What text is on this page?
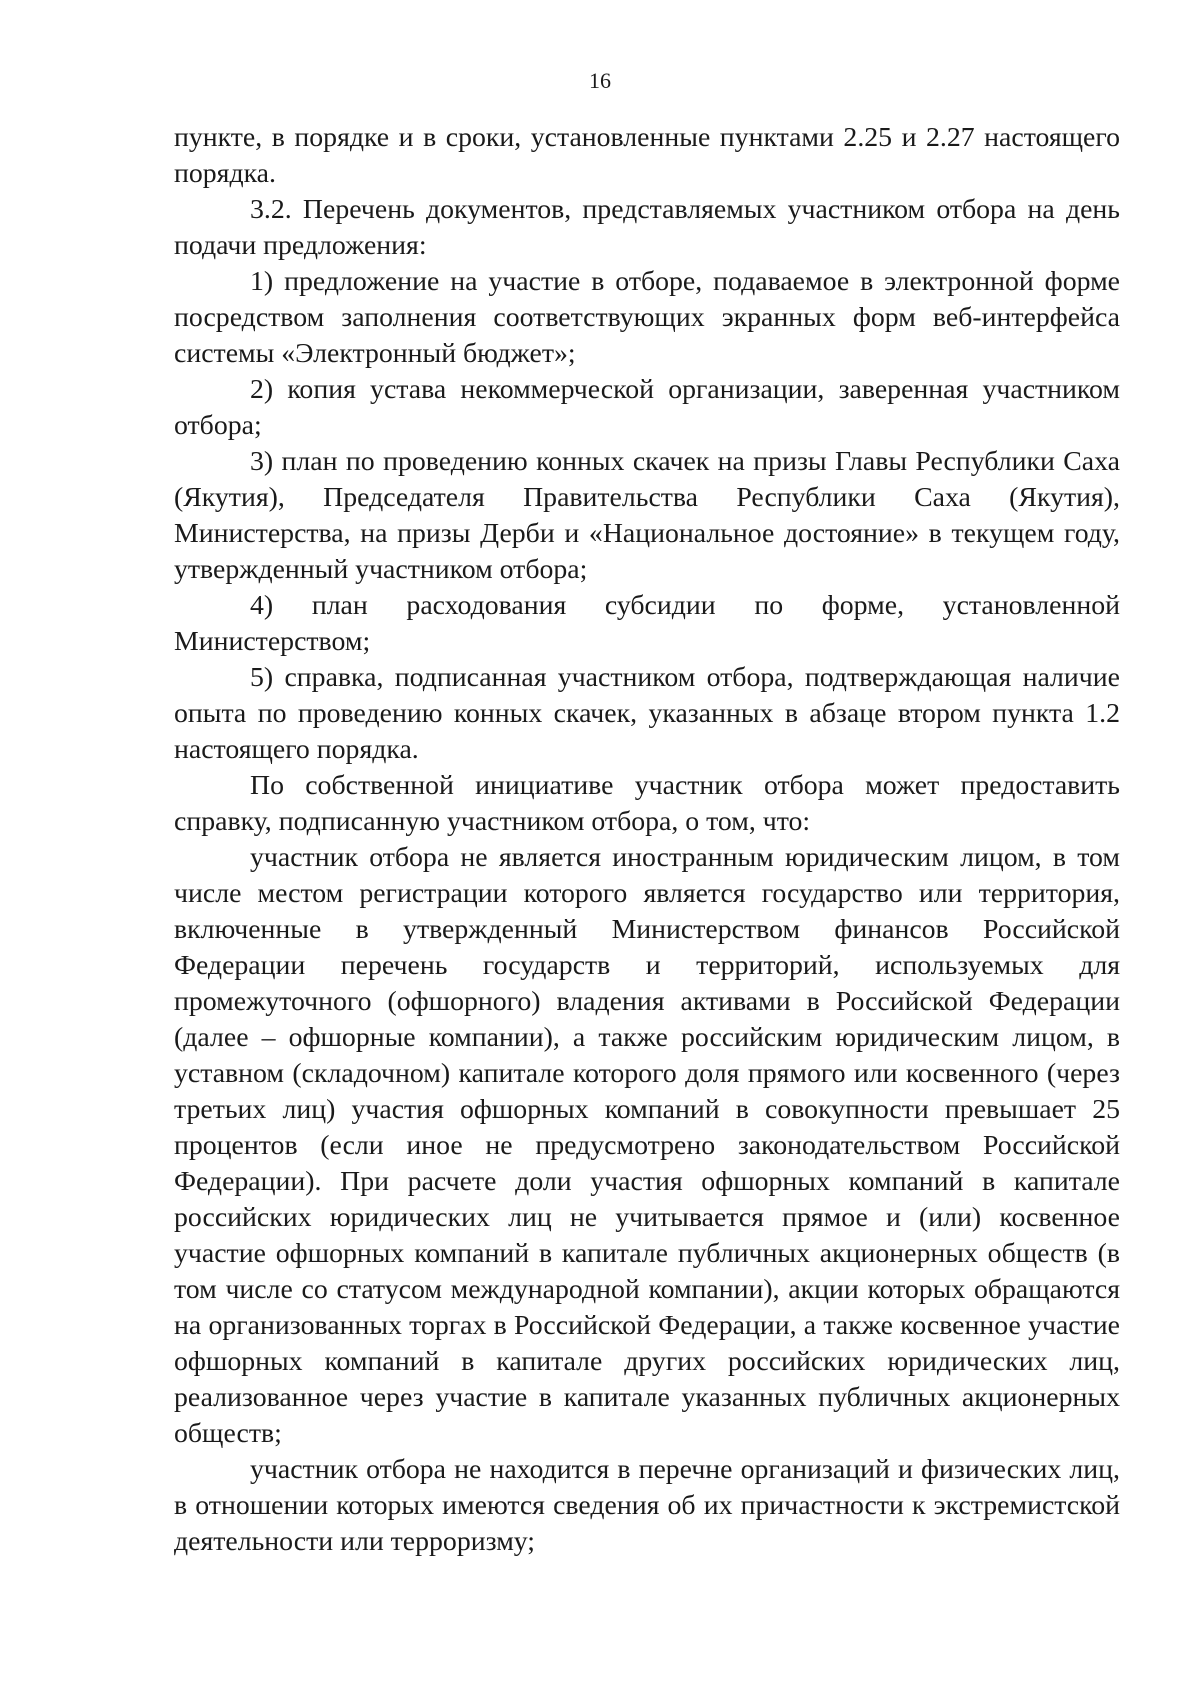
16

пункте, в порядке и в сроки, установленные пунктами 2.25 и 2.27 настоящего порядка.

3.2. Перечень документов, представляемых участником отбора на день подачи предложения:

1) предложение на участие в отборе, подаваемое в электронной форме посредством заполнения соответствующих экранных форм веб-интерфейса системы «Электронный бюджет»;

2) копия устава некоммерческой организации, заверенная участником отбора;

3) план по проведению конных скачек на призы Главы Республики Саха (Якутия), Председателя Правительства Республики Саха (Якутия), Министерства, на призы Дерби и «Национальное достояние» в текущем году, утвержденный участником отбора;

4) план расходования субсидии по форме, установленной Министерством;

5) справка, подписанная участником отбора, подтверждающая наличие опыта по проведению конных скачек, указанных в абзаце втором пункта 1.2 настоящего порядка.

По собственной инициативе участник отбора может предоставить справку, подписанную участником отбора, о том, что:

участник отбора не является иностранным юридическим лицом, в том числе местом регистрации которого является государство или территория, включенные в утвержденный Министерством финансов Российской Федерации перечень государств и территорий, используемых для промежуточного (офшорного) владения активами в Российской Федерации (далее – офшорные компании), а также российским юридическим лицом, в уставном (складочном) капитале которого доля прямого или косвенного (через третьих лиц) участия офшорных компаний в совокупности превышает 25 процентов (если иное не предусмотрено законодательством Российской Федерации). При расчете доли участия офшорных компаний в капитале российских юридических лиц не учитывается прямое и (или) косвенное участие офшорных компаний в капитале публичных акционерных обществ (в том числе со статусом международной компании), акции которых обращаются на организованных торгах в Российской Федерации, а также косвенное участие офшорных компаний в капитале других российских юридических лиц, реализованное через участие в капитале указанных публичных акционерных обществ;

участник отбора не находится в перечне организаций и физических лиц, в отношении которых имеются сведения об их причастности к экстремистской деятельности или терроризму;
